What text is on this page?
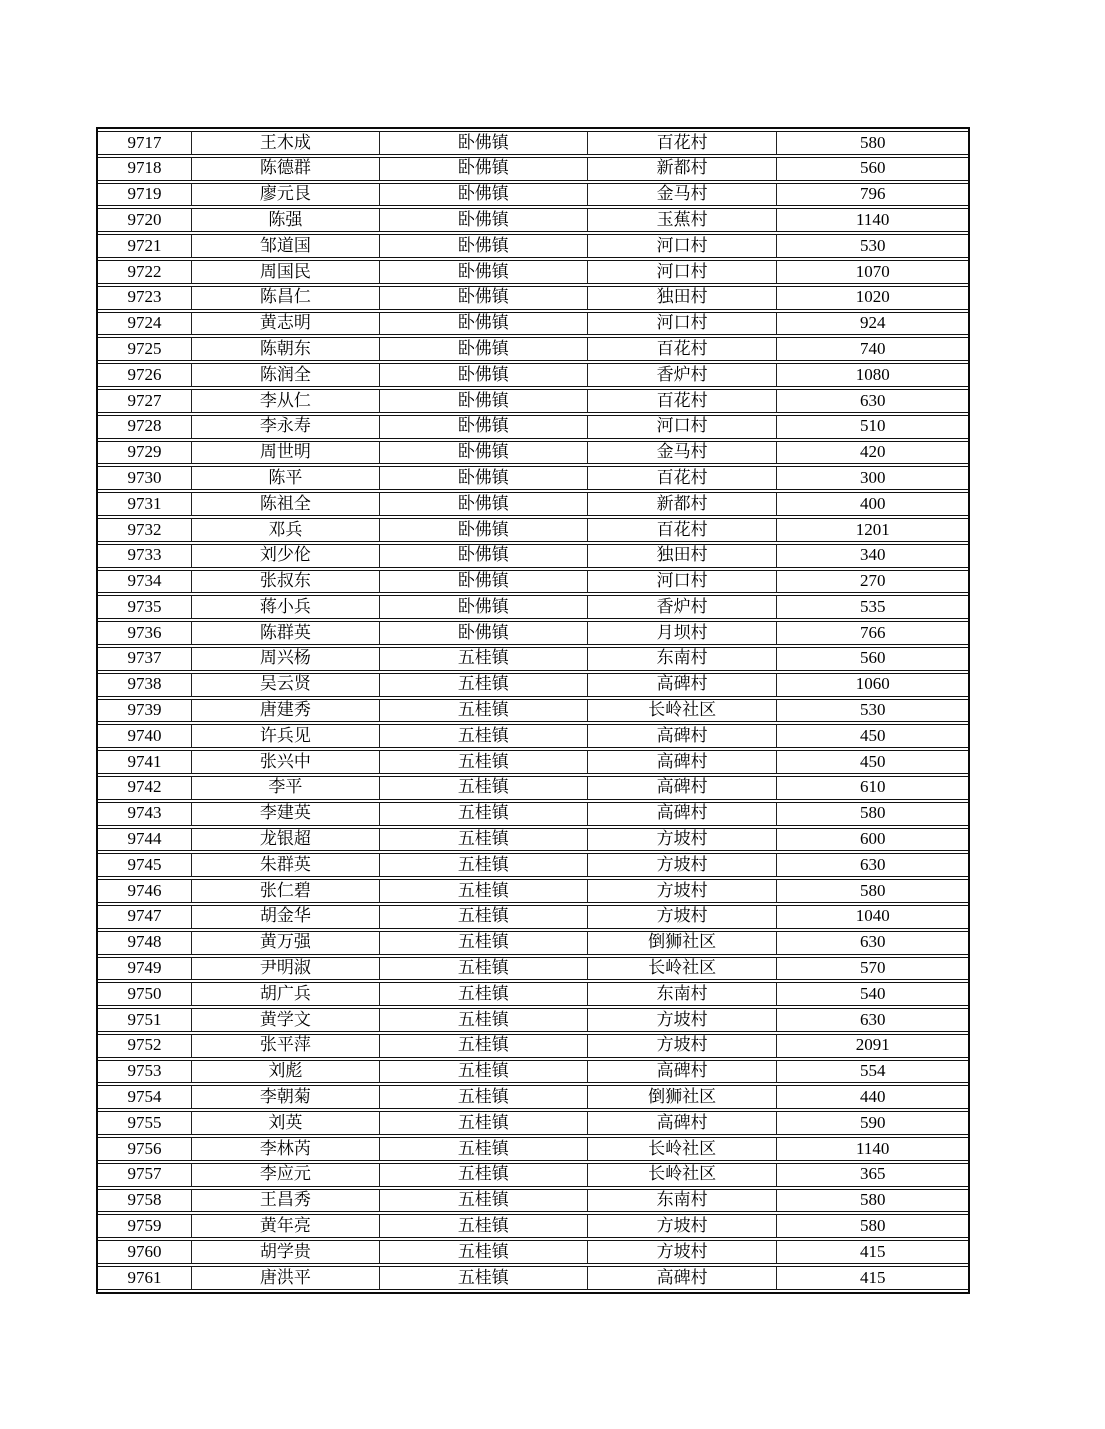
9717	王木成	卧佛镇	百花村	580
9718	陈德群	卧佛镇	新都村	560
9719	廖元艮	卧佛镇	金马村	796
9720	陈强	卧佛镇	玉蕉村	1140
9721	邹道国	卧佛镇	河口村	530
9722	周国民	卧佛镇	河口村	1070
9723	陈昌仁	卧佛镇	独田村	1020
9724	黄志明	卧佛镇	河口村	924
9725	陈朝东	卧佛镇	百花村	740
9726	陈润全	卧佛镇	香炉村	1080
9727	李从仁	卧佛镇	百花村	630
9728	李永寿	卧佛镇	河口村	510
9729	周世明	卧佛镇	金马村	420
9730	陈平	卧佛镇	百花村	300
9731	陈祖全	卧佛镇	新都村	400
9732	邓兵	卧佛镇	百花村	1201
9733	刘少伦	卧佛镇	独田村	340
9734	张叔东	卧佛镇	河口村	270
9735	蒋小兵	卧佛镇	香炉村	535
9736	陈群英	卧佛镇	月坝村	766
9737	周兴杨	五桂镇	东南村	560
9738	吴云贤	五桂镇	高碑村	1060
9739	唐建秀	五桂镇	长岭社区	530
9740	许兵见	五桂镇	高碑村	450
9741	张兴中	五桂镇	高碑村	450
9742	李平	五桂镇	高碑村	610
9743	李建英	五桂镇	高碑村	580
9744	龙银超	五桂镇	方坡村	600
9745	朱群英	五桂镇	方坡村	630
9746	张仁碧	五桂镇	方坡村	580
9747	胡金华	五桂镇	方坡村	1040
9748	黄万强	五桂镇	倒狮社区	630
9749	尹明淑	五桂镇	长岭社区	570
9750	胡广兵	五桂镇	东南村	540
9751	黄学文	五桂镇	方坡村	630
9752	张平萍	五桂镇	方坡村	2091
9753	刘彪	五桂镇	高碑村	554
9754	李朝菊	五桂镇	倒狮社区	440
9755	刘英	五桂镇	高碑村	590
9756	李林芮	五桂镇	长岭社区	1140
9757	李应元	五桂镇	长岭社区	365
9758	王昌秀	五桂镇	东南村	580
9759	黄年亮	五桂镇	方坡村	580
9760	胡学贵	五桂镇	方坡村	415
9761	唐洪平	五桂镇	高碑村	415
